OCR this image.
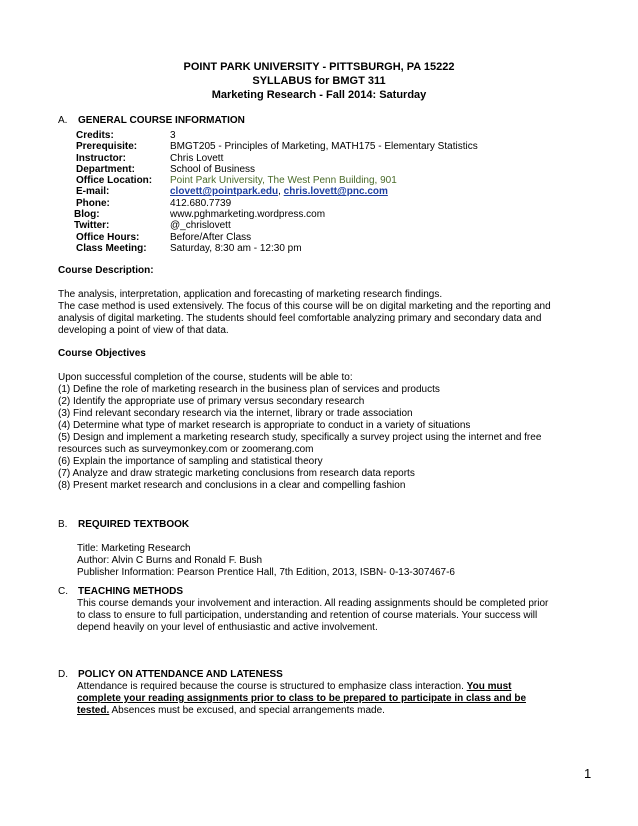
POINT PARK UNIVERSITY - PITTSBURGH, PA 15222
SYLLABUS for BMGT 311
Marketing Research - Fall 2014: Saturday
A. GENERAL COURSE INFORMATION
Credits:	3
Prerequisite:	BMGT205 - Principles of Marketing, MATH175 - Elementary Statistics
Instructor:	Chris Lovett
Department:	School of Business
Office Location:	Point Park University, The West Penn Building, 901
E-mail:	clovett@pointpark.edu, chris.lovett@pnc.com
Phone:	412.680.7739
Blog:	www.pghmarketing.wordpress.com
Twitter:	@_chrislovett
Office Hours:	Before/After Class
Class Meeting:	Saturday, 8:30 am - 12:30 pm

Course Description:

The analysis, interpretation, application and forecasting of marketing research findings.

The case method is used extensively. The focus of this course will be on digital marketing and the reporting and

analysis of digital marketing. The students should feel comfortable analyzing primary and secondary data and

developing a point of view of that data.

Course Objectives

Upon successful completion of the course, students will be able to:

(1) Define the role of marketing research in the business plan of services and products

(2) Identify the appropriate use of primary versus secondary research

(3) Find relevant secondary research via the internet, library or trade association

(4) Determine what type of market research is appropriate to conduct in a variety of situations

(5) Design and implement a marketing research study, specifically a survey project using the internet and free

resources such as surveymonkey.com or zoomerang.com

(6) Explain the importance of sampling and statistical theory

(7) Analyze and draw strategic marketing conclusions from research data reports

(8) Present market research and conclusions in a clear and compelling fashion

B. REQUIRED TEXTBOOK

Title: Marketing Research

Author: Alvin C Burns and Ronald F. Bush

Publisher Information: Pearson Prentice Hall, 7th Edition, 2013, ISBN- 0-13-307467-6

C. TEACHING METHODS

This course demands your involvement and interaction. All reading assignments should be completed prior

to class to ensure to full participation, understanding and retention of course materials. Your success will

depend heavily on your level of enthusiastic and active involvement.

D. POLICY ON ATTENDANCE AND LATENESS

Attendance is required because the course is structured to emphasize class interaction. You must

complete your reading assignments prior to class to be prepared to participate in class and be

tested. Absences must be excused, and special arrangements made.

1
